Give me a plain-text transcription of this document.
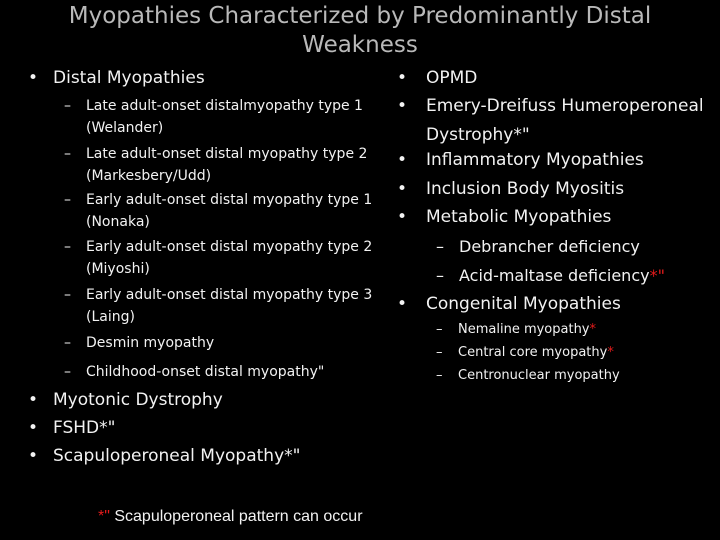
Myopathies Characterized by Predominantly Distal Weakness
• Distal Myopathies
–	Late adult-onset distalmyopathy type 1 (Welander)
–	Late adult-onset distal myopathy type 2 (Markesbery/Udd)
–	Early adult-onset distal myopathy type 1 (Nonaka)
–	Early adult-onset distal myopathy type 2 (Miyoshi)
–	Early adult-onset distal myopathy type 3 (Laing)
–	Desmin myopathy
–	Childhood-onset distal myopathy"
• Myotonic Dystrophy
• FSHD*"
• Scapuloperoneal Myopathy*"
•	OPMD
•	Emery-Dreifuss Humeroperoneal Dystrophy*"
•	Inflammatory Myopathies
•	Inclusion Body Myositis
•	Metabolic Myopathies
– Debrancher deficiency
– Acid-maltase deficiency*"
•	Congenital Myopathies
–	Nemaline myopathy*
–	Central core myopathy*
–	Centronuclear myopathy
*" Scapuloperoneal pattern can occur
